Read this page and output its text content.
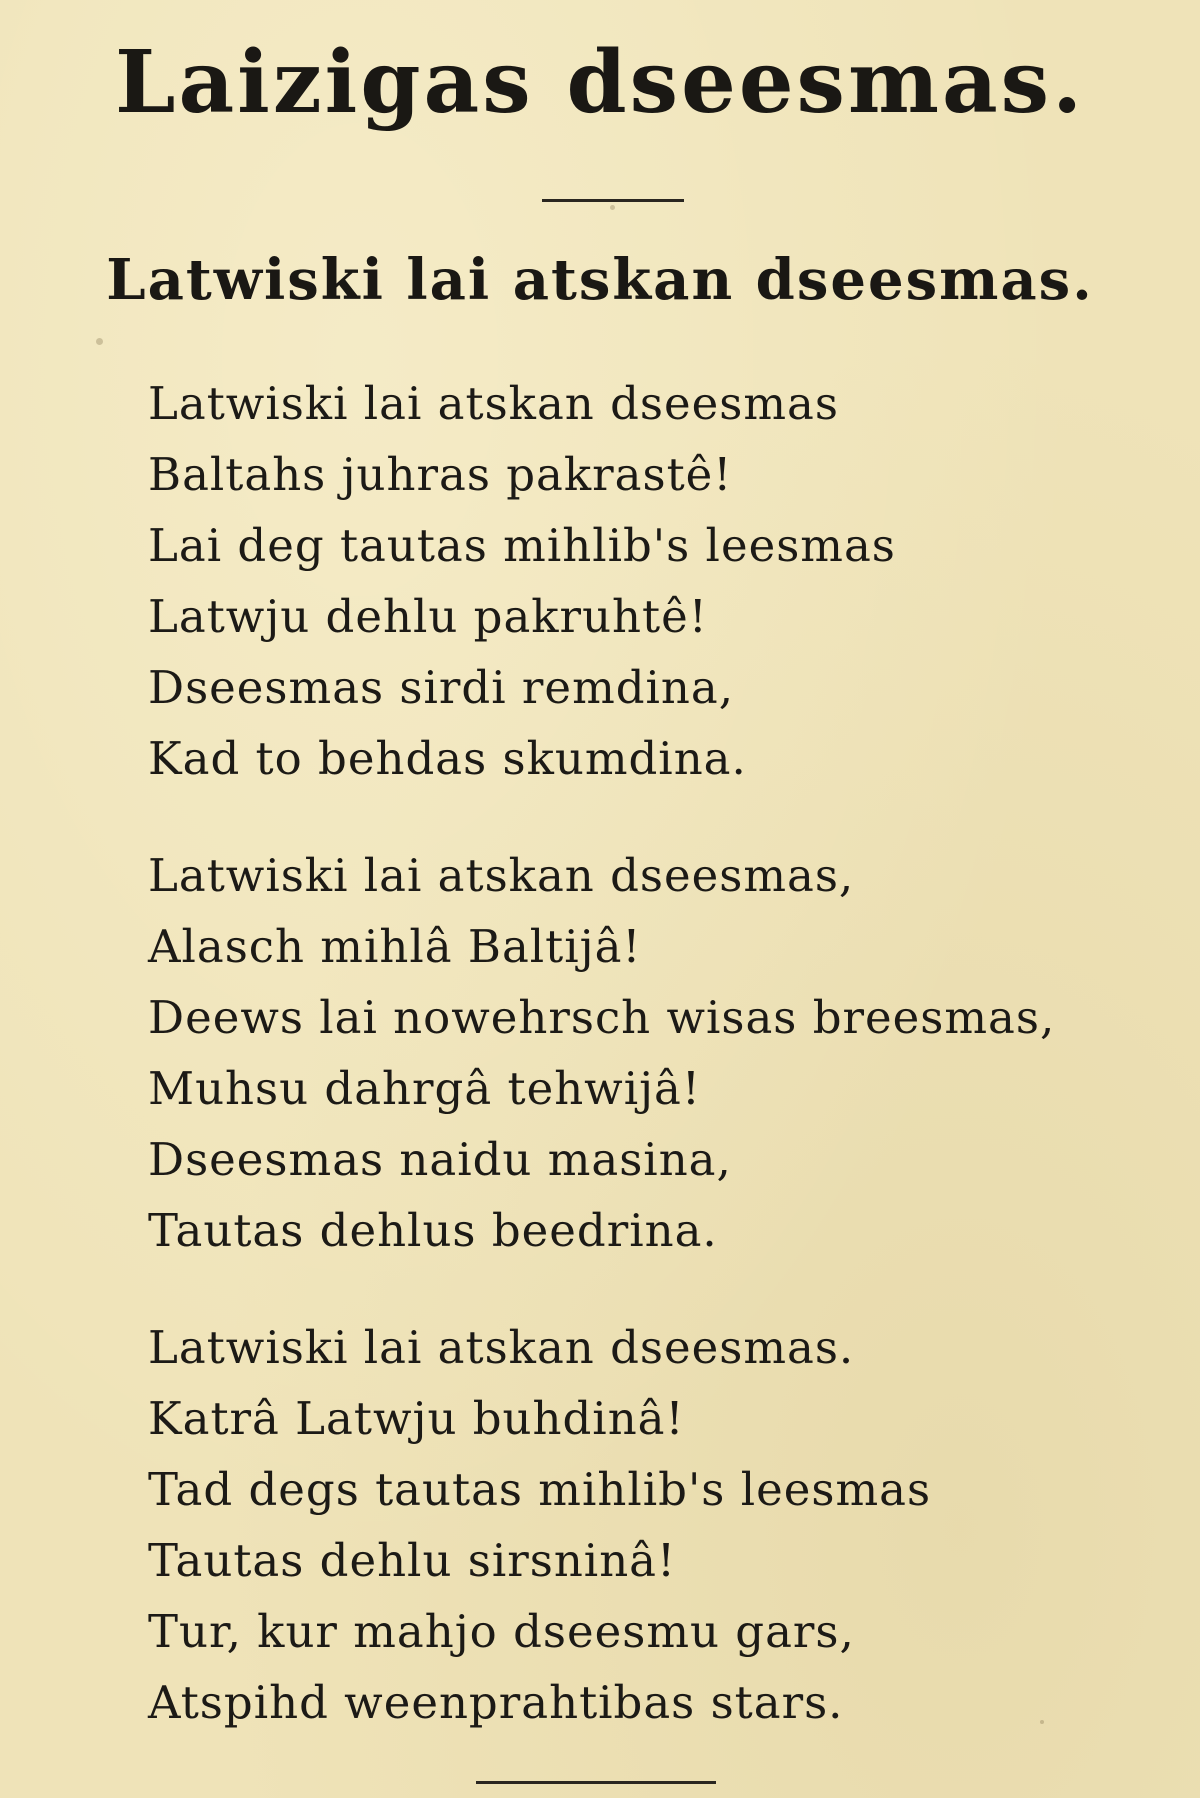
Laizigas dseesmas.
Latwiski lai atskan dseesmas.
Latwiski lai atskan dseesmas
Baltahs juhras pakrastê!
Lai deg tautas mihlib's leesmas
Latwju dehlu pakruhtê!
Dseesmas sirdi remdina,
Kad to behdas skumdina.
Latwiski lai atskan dseesmas,
Alasch mihlâ Baltijâ!
Deews lai nowehrsch wisas breesmas,
Muhsu dahrgâ tehwijâ!
Dseesmas naidu masina,
Tautas dehlus beedrina.
Latwiski lai atskan dseesmas.
Katrâ Latwju buhdinâ!
Tad degs tautas mihlib's leesmas
Tautas dehlu sirsninâ!
Tur, kur mahjo dseesmu gars,
Atspihd weenprahtibas stars.
